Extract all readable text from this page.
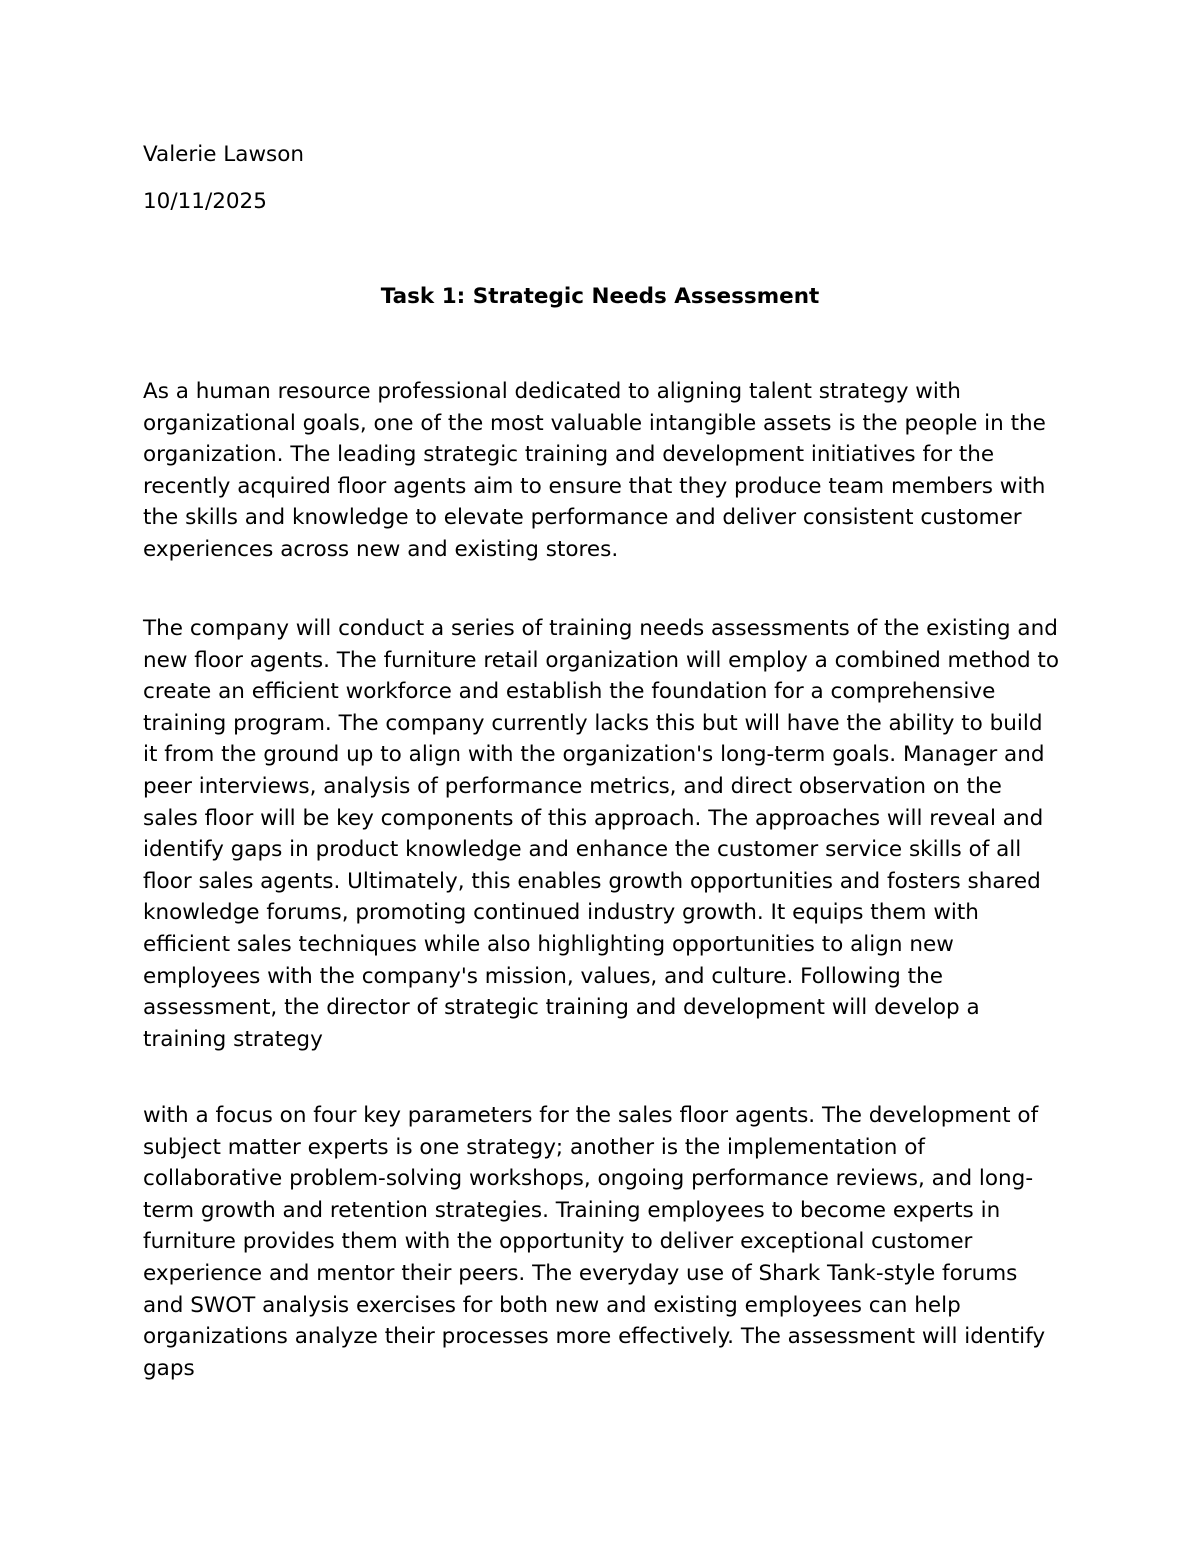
Valerie Lawson

10/11/2025

Task 1: Strategic Needs Assessment

As a human resource professional dedicated to aligning talent strategy with organizational goals, one of the most valuable intangible assets is the people in the organization. The leading strategic training and development initiatives for the recently acquired floor agents aim to ensure that they produce team members with the skills and knowledge to elevate performance and deliver consistent customer experiences across new and existing stores.

The company will conduct a series of training needs assessments of the existing and new floor agents. The furniture retail organization will employ a combined method to create an efficient workforce and establish the foundation for a comprehensive training program. The company currently lacks this but will have the ability to build it from the ground up to align with the organization's long-term goals. Manager and peer interviews, analysis of performance metrics, and direct observation on the sales floor will be key components of this approach. The approaches will reveal and identify gaps in product knowledge and enhance the customer service skills of all floor sales agents. Ultimately, this enables growth opportunities and fosters shared knowledge forums, promoting continued industry growth. It equips them with efficient sales techniques while also highlighting opportunities to align new employees with the company's mission, values, and culture. Following the assessment, the director of strategic training and development will develop a training strategy

with a focus on four key parameters for the sales floor agents. The development of subject matter experts is one strategy; another is the implementation of collaborative problem-solving workshops, ongoing performance reviews, and long-term growth and retention strategies. Training employees to become experts in furniture provides them with the opportunity to deliver exceptional customer experience and mentor their peers. The everyday use of Shark Tank-style forums and SWOT analysis exercises for both new and existing employees can help organizations analyze their processes more effectively. The assessment will identify gaps
